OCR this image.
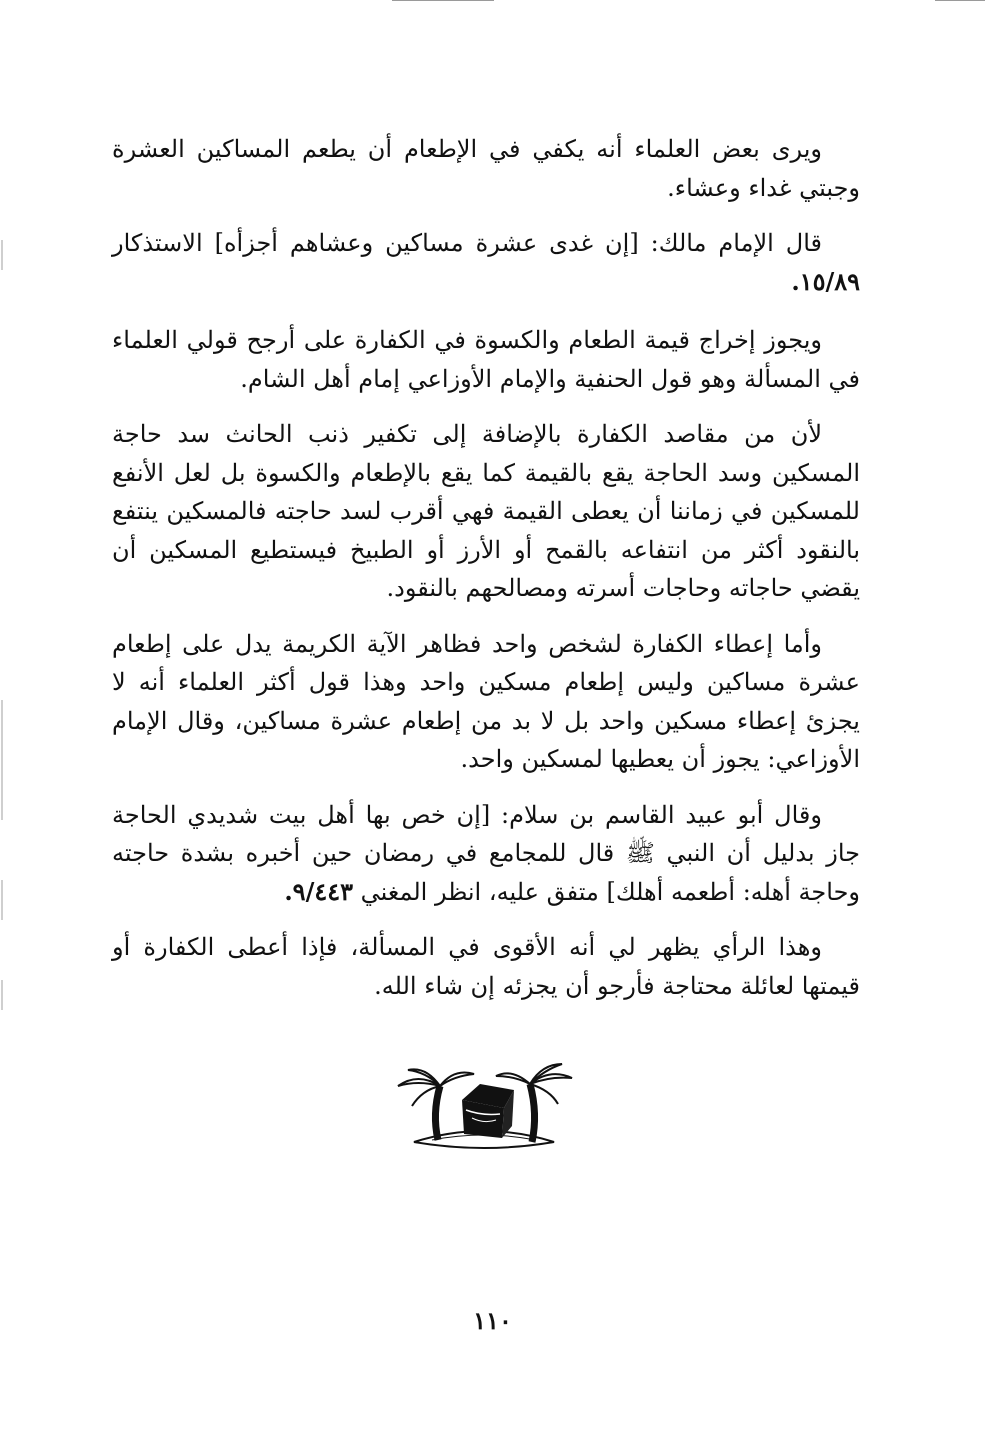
ويرى بعض العلماء أنه يكفي في الإطعام أن يطعم المساكين العشرة وجبتي غداء وعشاء.

قال الإمام مالك: [إن غدى عشرة مساكين وعشاهم أجزأه] الاستذكار ١٥/٨٩.

ويجوز إخراج قيمة الطعام والكسوة في الكفارة على أرجح قولي العلماء في المسألة وهو قول الحنفية والإمام الأوزاعي إمام أهل الشام.

لأن من مقاصد الكفارة بالإضافة إلى تكفير ذنب الحانث سد حاجة المسكين وسد الحاجة يقع بالقيمة كما يقع بالإطعام والكسوة بل لعل الأنفع للمسكين في زماننا أن يعطى القيمة فهي أقرب لسد حاجته فالمسكين ينتفع بالنقود أكثر من انتفاعه بالقمح أو الأرز أو الطبيخ فيستطيع المسكين أن يقضي حاجاته وحاجات أسرته ومصالحهم بالنقود.

وأما إعطاء الكفارة لشخص واحد فظاهر الآية الكريمة يدل على إطعام عشرة مساكين وليس إطعام مسكين واحد وهذا قول أكثر العلماء أنه لا يجزئ إعطاء مسكين واحد بل لا بد من إطعام عشرة مساكين، وقال الإمام الأوزاعي: يجوز أن يعطيها لمسكين واحد.

وقال أبو عبيد القاسم بن سلام: [إن خص بها أهل بيت شديدي الحاجة جاز بدليل أن النبي ﷺ قال للمجامع في رمضان حين أخبره بشدة حاجته وحاجة أهله: أطعمه أهلك] متفق عليه، انظر المغني ٩/٤٤٣.

وهذا الرأي يظهر لي أنه الأقوى في المسألة، فإذا أعطى الكفارة أو قيمتها لعائلة محتاجة فأرجو أن يجزئه إن شاء الله.

١١٠
